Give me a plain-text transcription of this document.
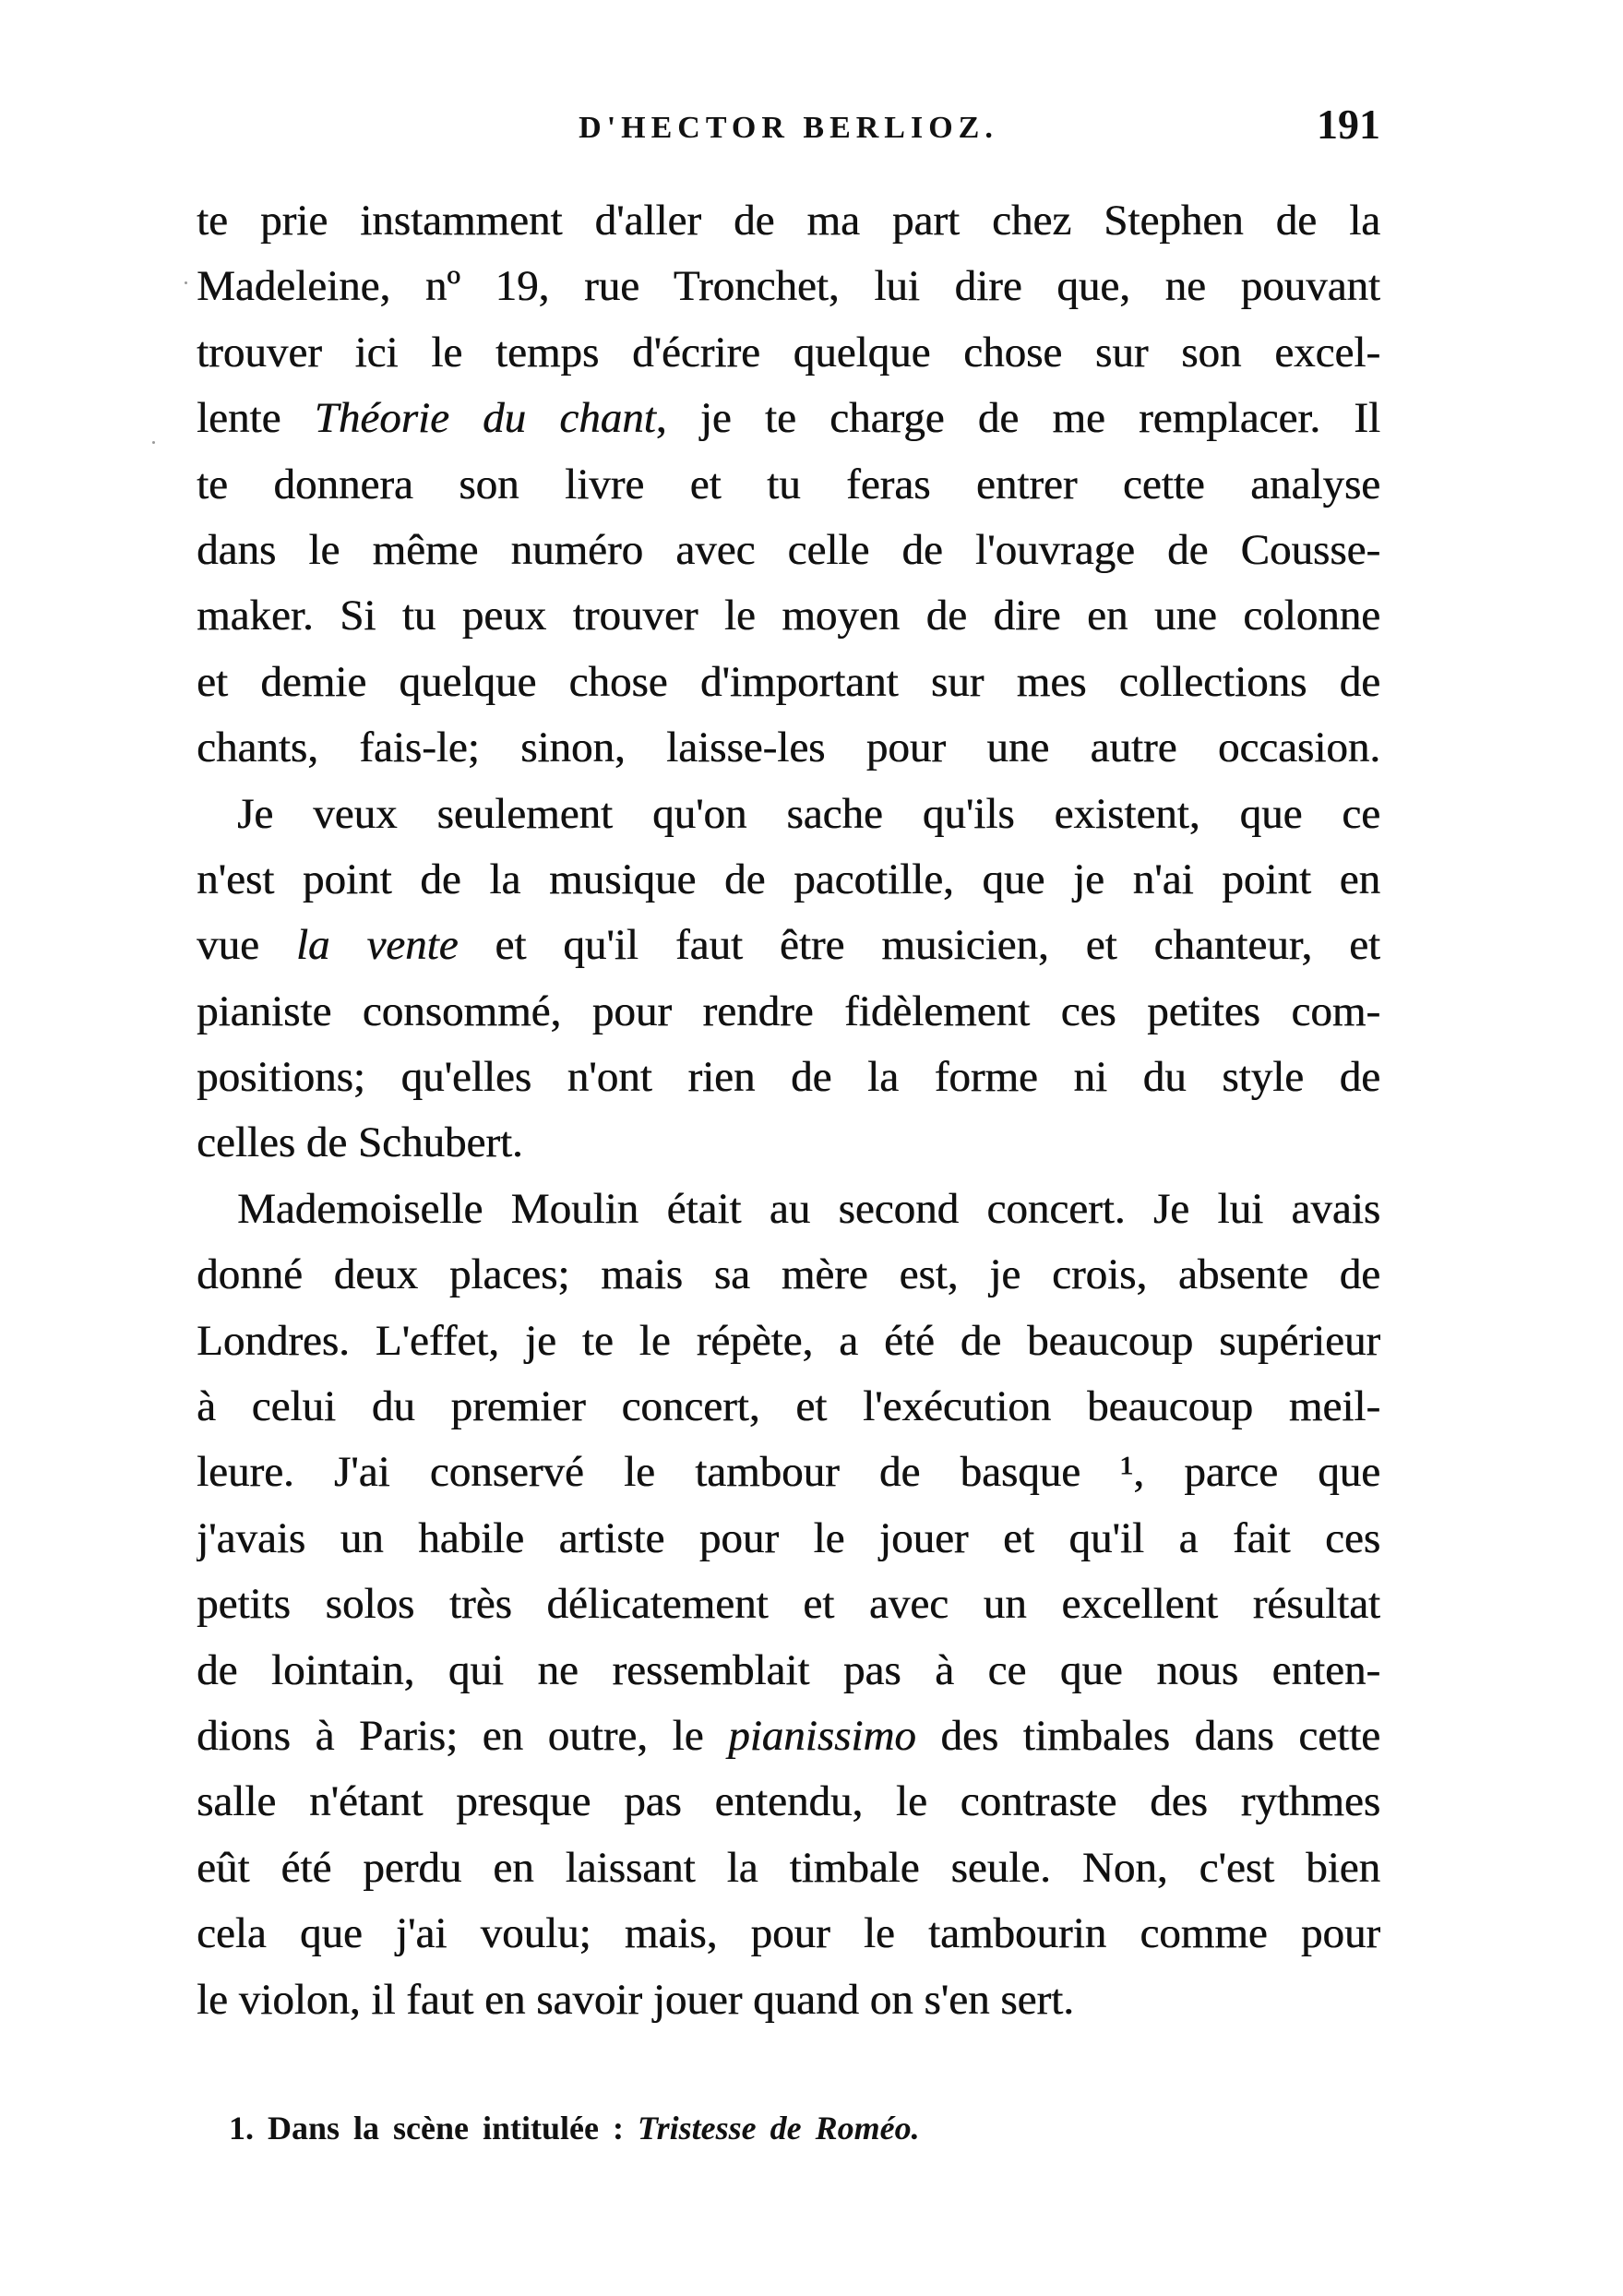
D'HECTOR BERLIOZ.	191
te prie instamment d'aller de ma part chez Stephen de la
Madeleine, nº 19, rue Tronchet, lui dire que, ne pouvant
trouver ici le temps d'écrire quelque chose sur son excel-
lente Théorie du chant, je te charge de me remplacer. Il
te donnera son livre et tu feras entrer cette analyse
dans le même numéro avec celle de l'ouvrage de Cousse-
maker. Si tu peux trouver le moyen de dire en une colonne
et demie quelque chose d'important sur mes collections de
chants, fais-le; sinon, laisse-les pour une autre occasion.
Je veux seulement qu'on sache qu'ils existent, que ce
n'est point de la musique de pacotille, que je n'ai point en
vue la vente et qu'il faut être musicien, et chanteur, et
pianiste consommé, pour rendre fidèlement ces petites com-
positions; qu'elles n'ont rien de la forme ni du style de
celles de Schubert.
Mademoiselle Moulin était au second concert. Je lui avais
donné deux places; mais sa mère est, je crois, absente de
Londres. L'effet, je te le répète, a été de beaucoup supérieur
à celui du premier concert, et l'exécution beaucoup meil-
leure. J'ai conservé le tambour de basque ¹, parce que
j'avais un habile artiste pour le jouer et qu'il a fait ces
petits solos très délicatement et avec un excellent résultat
de lointain, qui ne ressemblait pas à ce que nous enten-
dions à Paris; en outre, le pianissimo des timbales dans cette
salle n'étant presque pas entendu, le contraste des rythmes
eût été perdu en laissant la timbale seule. Non, c'est bien
cela que j'ai voulu; mais, pour le tambourin comme pour
le violon, il faut en savoir jouer quand on s'en sert.
1. Dans la scène intitulée : Tristesse de Roméo.
